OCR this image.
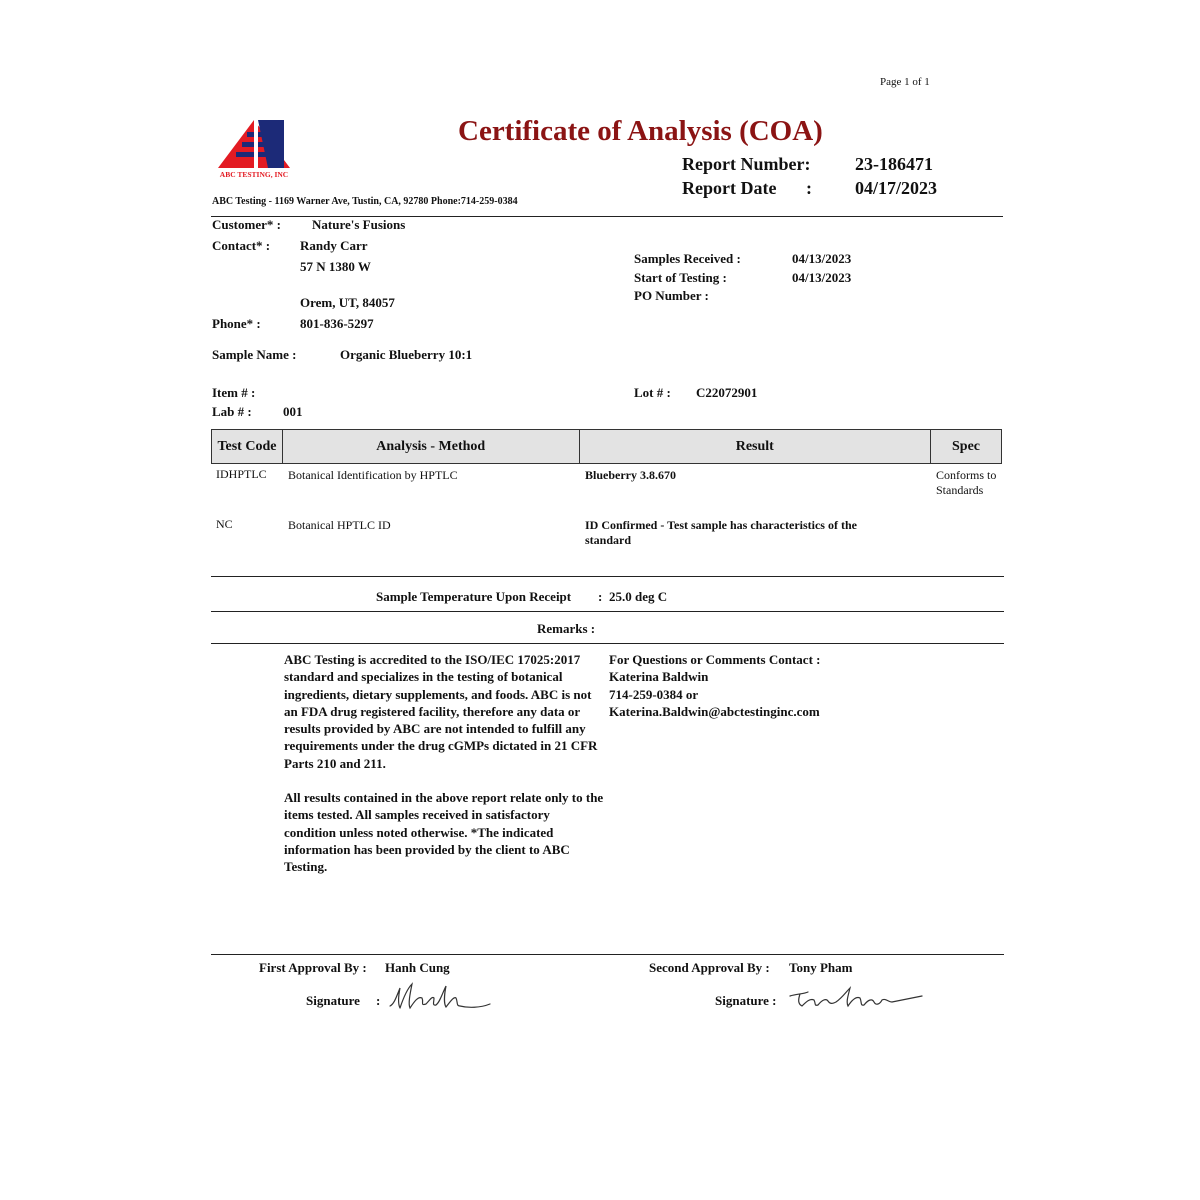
Page 1 of 1
ABC TESTING, INC
Certificate of Analysis (COA)
Report Number: 23-186471
Report Date : 04/17/2023
ABC Testing - 1169 Warner Ave, Tustin, CA, 92780 Phone:714-259-0384
Customer* : Nature's Fusions
Contact* : Randy Carr
57 N 1380 W
Orem, UT, 84057
Phone* :	801-836-5297
Samples Received :	04/13/2023
Start of Testing :	04/13/2023
PO Number :
Sample Name :	Organic Blueberry 10:1
Item # :
Lab # : 001
Lot # : C22072901
Test Code	Analysis - Method	Result	Spec
IDHPTLC Botanical Identification by HPTLC	Blueberry 3.8.670	Conforms to Standards
NC	Botanical HPTLC ID	ID Confirmed - Test sample has characteristics of the standard
Sample Temperature Upon Receipt : 25.0 deg C
Remarks :
ABC Testing is accredited to the ISO/IEC 17025:2017 standard and specializes in the testing of botanical ingredients, dietary supplements, and foods. ABC is not an FDA drug registered facility, therefore any data or results provided by ABC are not intended to fulfill any requirements under the drug cGMPs dictated in 21 CFR Parts 210 and 211.
All results contained in the above report relate only to the items tested. All samples received in satisfactory condition unless noted otherwise. *The indicated information has been provided by the client to ABC Testing.
For Questions or Comments Contact :
Katerina Baldwin
714-259-0384 or
Katerina.Baldwin@abctestinginc.com
First Approval By : Hanh Cung
Signature :
Second Approval By : Tony Pham
Signature :
